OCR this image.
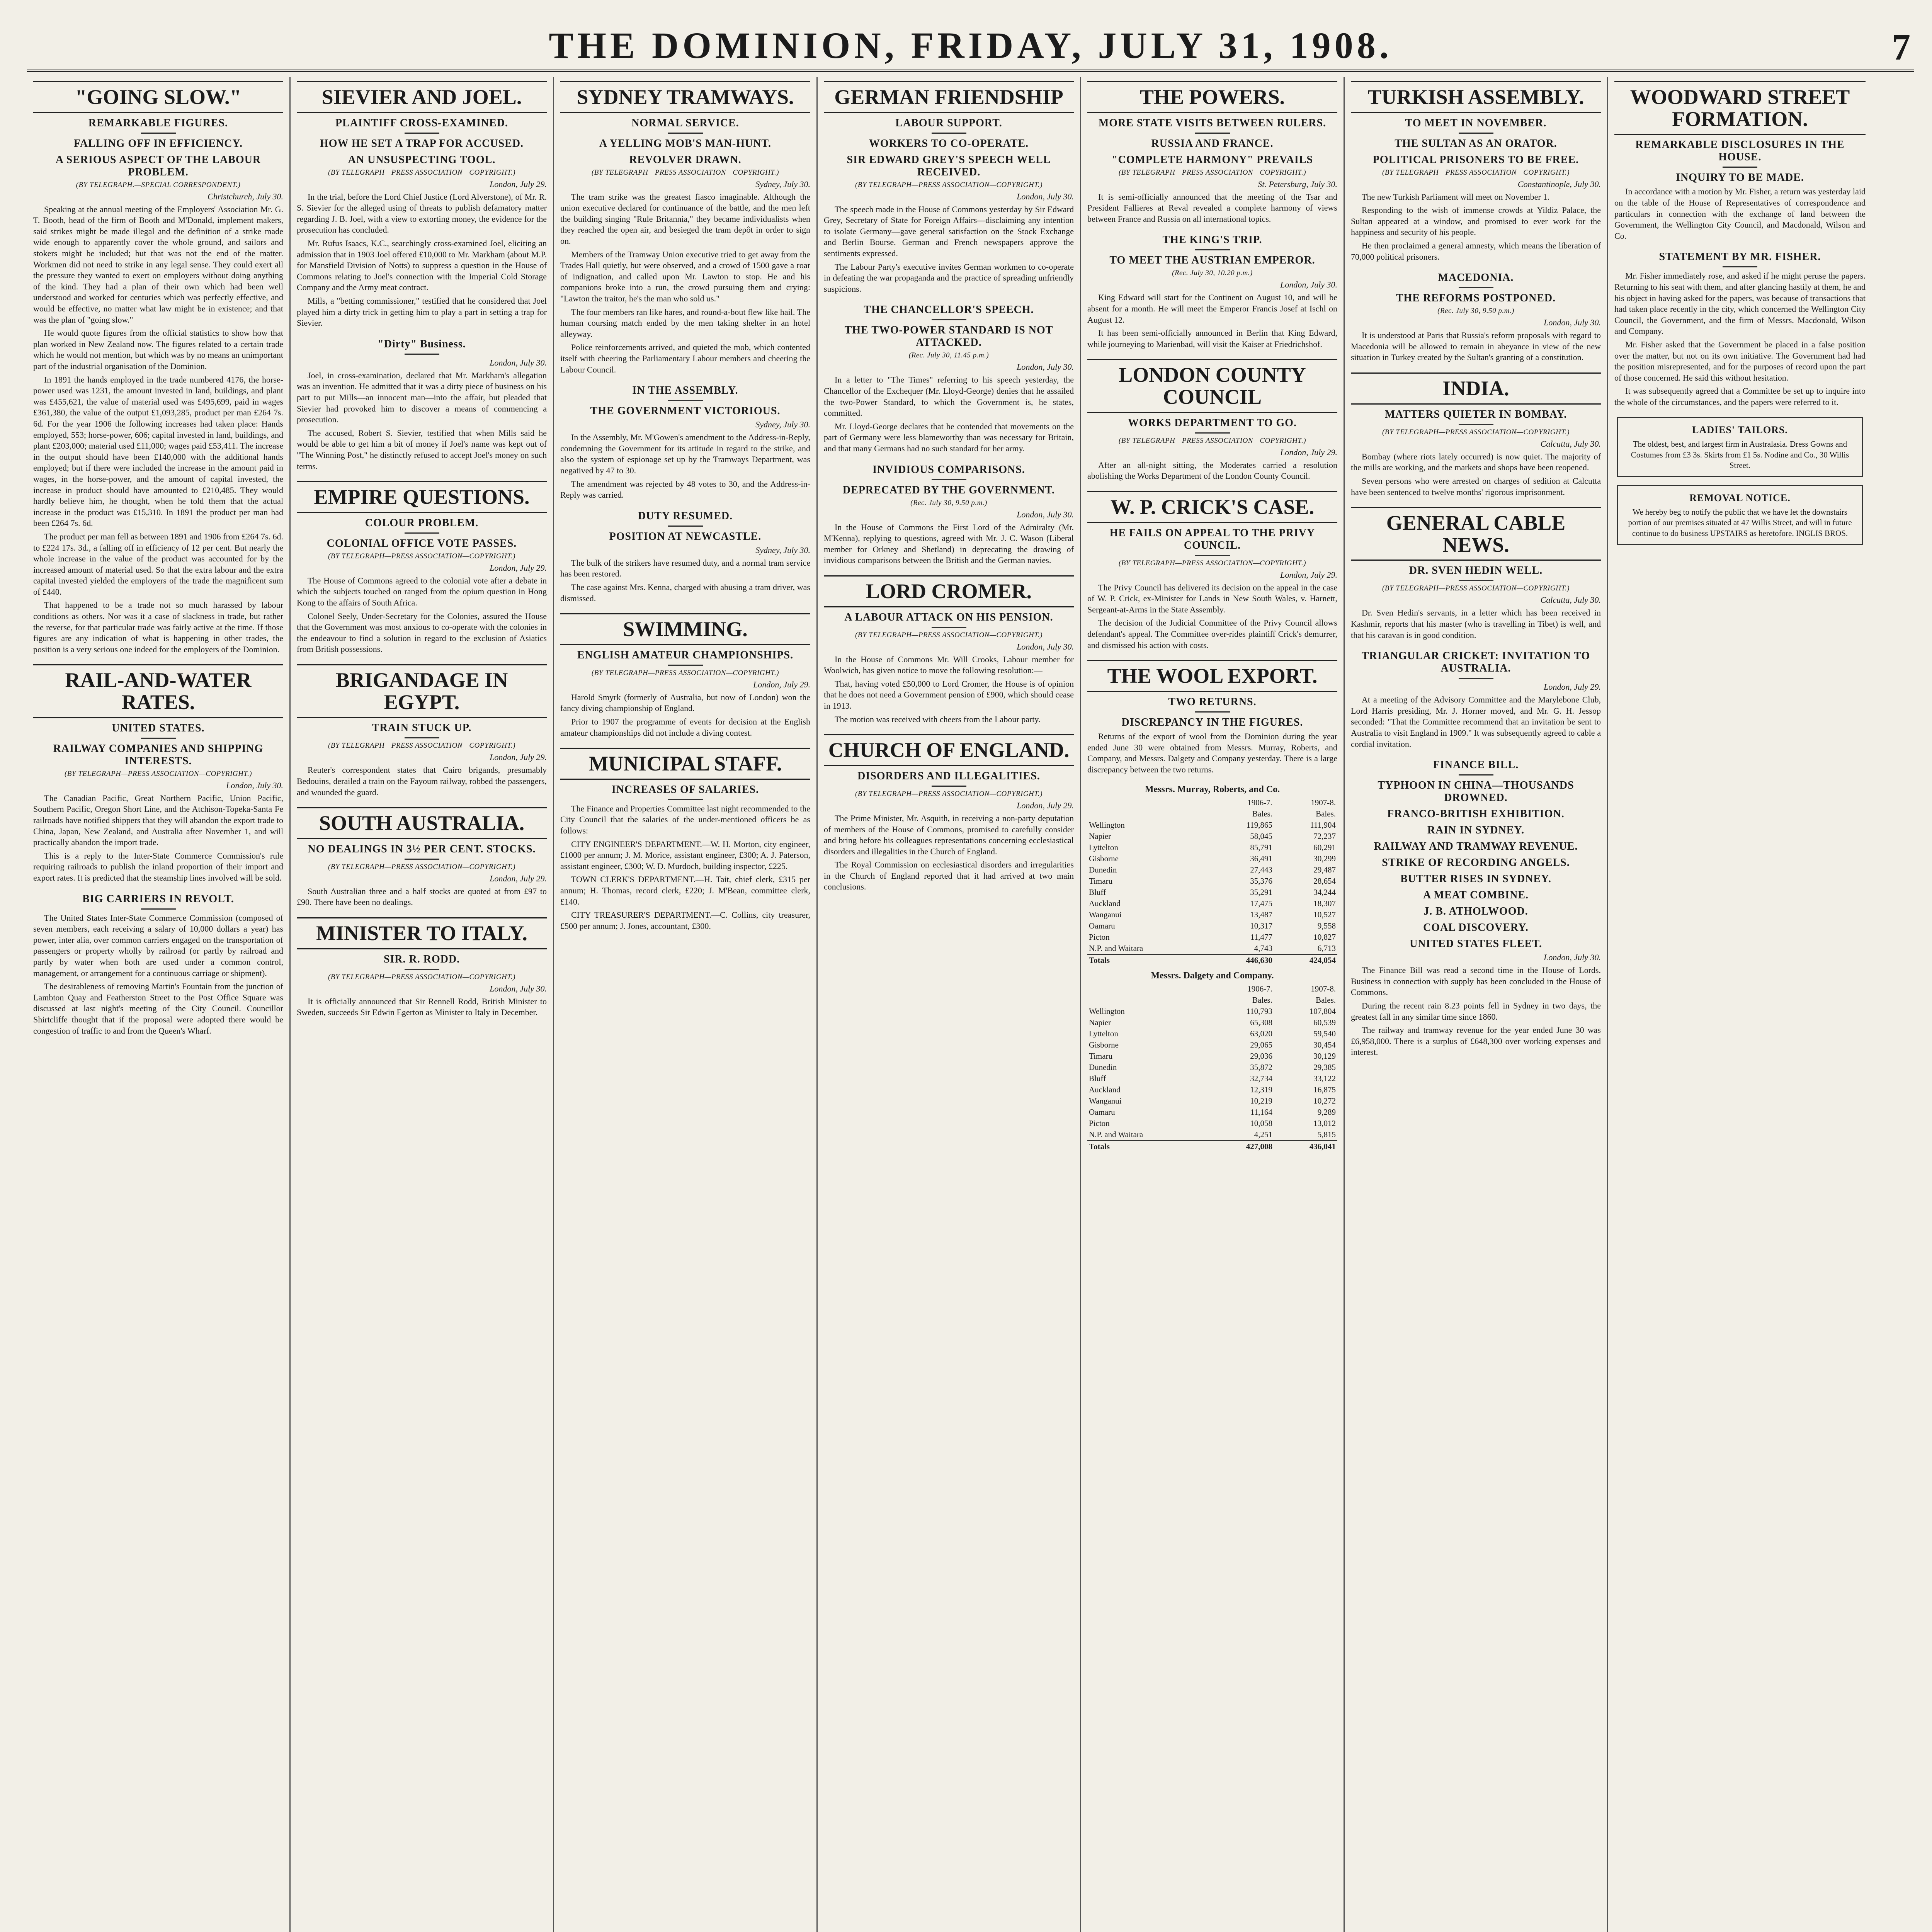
THE DOMINION, FRIDAY, JULY 31, 1908.	7
"GOING SLOW."
REMARKABLE FIGURES.
FALLING OFF IN EFFICIENCY.
A SERIOUS ASPECT OF THE LABOUR PROBLEM.
(BY TELEGRAPH.—SPECIAL CORRESPONDENT.)
Christchurch, July 30.

Speaking at the annual meeting of the Employers' Association Mr. G. T. Booth, head of the firm of Booth and M'Donald, implement makers, said strikes might be made illegal and the definition of a strike made wide enough to apparently cover the whole ground, and sailors and stokers might be included; but that was not the end of the matter. Workmen did not need to strike in any legal sense. They could exert all the pressure they wanted to exert on employers without doing anything of the kind. They had a plan of their own which had been well understood and worked for centuries which was perfectly effective, and would be effective, no matter what law might be in existence; and that was the plan of "going slow."

He would quote figures from the official statistics to show how that plan worked in New Zealand now. The figures related to a certain trade which he would not mention, but which was by no means an unimportant part of the industrial organisation of the Dominion.

In 1891 the hands employed in the trade numbered 4176, the horse-power used was 1231, the amount invested in land, buildings, and plant was £455,621, the value of material used was £495,699, paid in wages £361,380, the value of the output £1,093,285, product per man £264 7s. 6d. For the year 1906 the following increases had taken place: Hands employed, 553; horse-power, 606; capital invested in land, buildings, and plant £203,000; material used £11,000; wages paid £53,411. The increase in the output should have been £140,000 with the additional hands employed; but if there were included the increase in the amount paid in wages, in the horse-power, and the amount of capital invested, the increase in product should have amounted to £210,485. They would hardly believe him, he thought, when he told them that the actual increase in the product was £15,310. In 1891 the product per man had been £264 7s. 6d.

The product per man fell as between 1891 and 1906 from £264 7s. 6d. to £224 17s. 3d., a falling off in efficiency of 12 per cent. But nearly the whole increase in the value of the product was accounted for by the increased amount of material used. So that the extra labour and the extra capital invested yielded the employers of the trade the magnificent sum of £440.

That happened to be a trade not so much harassed by labour conditions as others. Nor was it a case of slackness in trade, but rather the reverse, for that particular trade was fairly active at the time. If those figures are any indication of what is happening in other trades, the position is a very serious one indeed for the employers of the Dominion.

RAIL-AND-WATER RATES.
UNITED STATES.
RAILWAY COMPANIES AND SHIPPING INTERESTS.
(BY TELEGRAPH—PRESS ASSOCIATION—COPYRIGHT.)
London, July 30.

The Canadian Pacific, Great Northern Pacific, Union Pacific, Southern Pacific, Oregon Short Line, and the Atchison-Topeka-Santa Fe railroads have notified shippers that they will abandon the export trade to China, Japan, New Zealand, and Australia after November 1, and will practically abandon the import trade.

This is a reply to the Inter-State Commerce Commission's rule requiring railroads to publish the inland proportion of their import and export rates. It is predicted that the steamship lines involved will be sold.

BIG CARRIERS IN REVOLT.

The United States Inter-State Commerce Commission (composed of seven members, each receiving a salary of 10,000 dollars a year) has power, inter alia, over common carriers engaged on the transportation of passengers or property wholly by railroad (or partly by railroad and partly by water when both are used under a common control, management, or arrangement for a continuous carriage or shipment).

The desirableness of removing Martin's Fountain from the junction of Lambton Quay and Featherston Street to the Post Office Square was discussed at last night's meeting of the City Council. Councillor Shirtcliffe thought that if the proposal were adopted there would be congestion of traffic to and from the Queen's Wharf.

SIEVIER AND JOEL.
PLAINTIFF CROSS-EXAMINED.
HOW HE SET A TRAP FOR ACCUSED.
AN UNSUSPECTING TOOL.
(BY TELEGRAPH—PRESS ASSOCIATION—COPYRIGHT.)
London, July 29.

In the trial, before the Lord Chief Justice (Lord Alverstone), of Mr. R. S. Sievier for the alleged using of threats to publish defamatory matter regarding J. B. Joel, with a view to extorting money, the evidence for the prosecution has concluded.

Mr. Rufus Isaacs, K.C., searchingly cross-examined Joel, eliciting an admission that in 1903 Joel offered £10,000 to Mr. Markham (about M.P. for Mansfield Division of Notts) to suppress a question in the House of Commons relating to Joel's connection with the Imperial Cold Storage Company and the Army meat contract.

Mills, a "betting commissioner," testified that he considered that Joel played him a dirty trick in getting him to play a part in setting a trap for Sievier.

"Dirty" Business.
London, July 30.

Joel, in cross-examination, declared that Mr. Markham's allegation was an invention. He admitted that it was a dirty piece of business on his part to put Mills—an innocent man—into the affair, but pleaded that Sievier had provoked him to discover a means of commencing a prosecution.

The accused, Robert S. Sievier, testified that when Mills said he would be able to get him a bit of money if Joel's name was kept out of "The Winning Post," he distinctly refused to accept Joel's money on such terms.

EMPIRE QUESTIONS.
COLOUR PROBLEM.
COLONIAL OFFICE VOTE PASSES.
(BY TELEGRAPH—PRESS ASSOCIATION—COPYRIGHT.)
London, July 29.

The House of Commons agreed to the colonial vote after a debate in which the subjects touched on ranged from the opium question in Hong Kong to the affairs of South Africa.

Colonel Seely, Under-Secretary for the Colonies, assured the House that the Government was most anxious to co-operate with the colonies in the endeavour to find a solution in regard to the exclusion of Asiatics from British possessions.

BRIGANDAGE IN EGYPT.
TRAIN STUCK UP.
(BY TELEGRAPH—PRESS ASSOCIATION—COPYRIGHT.)
London, July 29.

Reuter's correspondent states that Cairo brigands, presumably Bedouins, derailed a train on the Fayoum railway, robbed the passengers, and wounded the guard.

SOUTH AUSTRALIA.
NO DEALINGS IN 3½ PER CENT. STOCKS.
(BY TELEGRAPH—PRESS ASSOCIATION—COPYRIGHT.)
London, July 29.

South Australian three and a half stocks are quoted at from £97 to £90. There have been no dealings.

MINISTER TO ITALY.
SIR. R. RODD.
(BY TELEGRAPH—PRESS ASSOCIATION—COPYRIGHT.)
London, July 30.

It is officially announced that Sir Rennell Rodd, British Minister to Sweden, succeeds Sir Edwin Egerton as Minister to Italy in December.

SYDNEY TRAMWAYS.
NORMAL SERVICE.
A YELLING MOB'S MAN-HUNT.
REVOLVER DRAWN.
(BY TELEGRAPH—PRESS ASSOCIATION—COPYRIGHT.)
Sydney, July 30.

The tram strike was the greatest fiasco imaginable. Although the union executive declared for continuance of the battle, and the men left the building singing "Rule Britannia," they became individualists when they reached the open air, and besieged the tram depôt in order to sign on.

Members of the Tramway Union executive tried to get away from the Trades Hall quietly, but were observed, and a crowd of 1500 gave a roar of indignation, and called upon Mr. Lawton to stop. He and his companions broke into a run, the crowd pursuing them and crying: "Lawton the traitor, he's the man who sold us."

The four members ran like hares, and round-a-bout flew like hail. The human coursing match ended by the men taking shelter in an hotel alleyway.

Police reinforcements arrived, and quieted the mob, which contented itself with cheering the Parliamentary Labour members and cheering the Labour Council.

IN THE ASSEMBLY.
THE GOVERNMENT VICTORIOUS.
Sydney, July 30.

In the Assembly, Mr. M'Gowen's amendment to the Address-in-Reply, condemning the Government for its attitude in regard to the strike, and also the system of espionage set up by the Tramways Department, was negatived by 47 to 30.

The amendment was rejected by 48 votes to 30, and the Address-in-Reply was carried.

DUTY RESUMED.
POSITION AT NEWCASTLE.
Sydney, July 30.

The bulk of the strikers have resumed duty, and a normal tram service has been restored.

The case against Mrs. Kenna, charged with abusing a tram driver, was dismissed.

SWIMMING.
ENGLISH AMATEUR CHAMPIONSHIPS.
(BY TELEGRAPH—PRESS ASSOCIATION—COPYRIGHT.)
London, July 29.

Harold Smyrk (formerly of Australia, but now of London) won the fancy diving championship of England.

Prior to 1907 the programme of events for decision at the English amateur championships did not include a diving contest.

MUNICIPAL STAFF.
INCREASES OF SALARIES.

The Finance and Properties Committee last night recommended to the City Council that the salaries of the under-mentioned officers be as follows:

CITY ENGINEER'S DEPARTMENT.—W. H. Morton, city engineer, £1000 per annum; J. M. Morice, assistant engineer, £300; A. J. Paterson, assistant engineer, £300; W. D. Murdoch, building inspector, £225.

TOWN CLERK'S DEPARTMENT.—H. Tait, chief clerk, £315 per annum; H. Thomas, record clerk, £220; J. M'Bean, committee clerk, £140.

CITY TREASURER'S DEPARTMENT.—C. Collins, city treasurer, £500 per annum; J. Jones, accountant, £300.

GERMAN FRIENDSHIP
LABOUR SUPPORT.
WORKERS TO CO-OPERATE.
SIR EDWARD GREY'S SPEECH WELL RECEIVED.
(BY TELEGRAPH—PRESS ASSOCIATION—COPYRIGHT.)
London, July 30.

The speech made in the House of Commons yesterday by Sir Edward Grey, Secretary of State for Foreign Affairs—disclaiming any intention to isolate Germany—gave general satisfaction on the Stock Exchange and Berlin Bourse. German and French newspapers approve the sentiments expressed.

The Labour Party's executive invites German workmen to co-operate in defeating the war propaganda and the practice of spreading unfriendly suspicions.

THE CHANCELLOR'S SPEECH.
THE TWO-POWER STANDARD IS NOT ATTACKED.
(Rec. July 30, 11.45 p.m.)
London, July 30.

In a letter to "The Times" referring to his speech yesterday, the Chancellor of the Exchequer (Mr. Lloyd-George) denies that he assailed the two-Power Standard, to which the Government is, he states, committed.

Mr. Lloyd-George declares that he contended that movements on the part of Germany were less blameworthy than was necessary for Britain, and that many Germans had no such standard for her army.

INVIDIOUS COMPARISONS.
DEPRECATED BY THE GOVERNMENT.
(Rec. July 30, 9.50 p.m.)
London, July 30.

In the House of Commons the First Lord of the Admiralty (Mr. M'Kenna), replying to questions, agreed with Mr. J. C. Wason (Liberal member for Orkney and Shetland) in deprecating the drawing of invidious comparisons between the British and the German navies.

LORD CROMER.
A LABOUR ATTACK ON HIS PENSION.
(BY TELEGRAPH—PRESS ASSOCIATION—COPYRIGHT.)
London, July 30.

In the House of Commons Mr. Will Crooks, Labour member for Woolwich, has given notice to move the following resolution:—

That, having voted £50,000 to Lord Cromer, the House is of opinion that he does not need a Government pension of £900, which should cease in 1913.

The motion was received with cheers from the Labour party.

CHURCH OF ENGLAND.
DISORDERS AND ILLEGALITIES.
(BY TELEGRAPH—PRESS ASSOCIATION—COPYRIGHT.)
London, July 29.

The Prime Minister, Mr. Asquith, in receiving a non-party deputation of members of the House of Commons, promised to carefully consider and bring before his colleagues representations concerning ecclesiastical disorders and illegalities in the Church of England.

The Royal Commission on ecclesiastical disorders and irregularities in the Church of England reported that it had arrived at two main conclusions.

THE POWERS.
MORE STATE VISITS BETWEEN RULERS.
RUSSIA AND FRANCE.
"COMPLETE HARMONY" PREVAILS
(BY TELEGRAPH—PRESS ASSOCIATION—COPYRIGHT.)
St. Petersburg, July 30.

It is semi-officially announced that the meeting of the Tsar and President Fallieres at Reval revealed a complete harmony of views between France and Russia on all international topics.

THE KING'S TRIP.
TO MEET THE AUSTRIAN EMPEROR.
(Rec. July 30, 10.20 p.m.)
London, July 30.

King Edward will start for the Continent on August 10, and will be absent for a month. He will meet the Emperor Francis Josef at Ischl on August 12.

It has been semi-officially announced in Berlin that King Edward, while journeying to Marienbad, will visit the Kaiser at Friedrichshof.

LONDON COUNTY COUNCIL
WORKS DEPARTMENT TO GO.
(BY TELEGRAPH—PRESS ASSOCIATION—COPYRIGHT.)
London, July 29.

After an all-night sitting, the Moderates carried a resolution abolishing the Works Department of the London County Council.

W. P. CRICK'S CASE.
HE FAILS ON APPEAL TO THE PRIVY COUNCIL.
(BY TELEGRAPH—PRESS ASSOCIATION—COPYRIGHT.)
London, July 29.

The Privy Council has delivered its decision on the appeal in the case of W. P. Crick, ex-Minister for Lands in New South Wales, v. Harnett, Sergeant-at-Arms in the State Assembly.

The decision of the Judicial Committee of the Privy Council allows defendant's appeal. The Committee over-rides plaintiff Crick's demurrer, and dismissed his action with costs.

THE WOOL EXPORT.
TWO RETURNS.
DISCREPANCY IN THE FIGURES.

Returns of the export of wool from the Dominion during the year ended June 30 were obtained from Messrs. Murray, Roberts, and Company, and Messrs. Dalgety and Company yesterday. There is a large discrepancy between the two returns.

Messrs. Murray, Roberts, and Co.
	1906-7.	1907-8.
	Bales.	Bales.
Wellington	119,865	111,904
Napier	58,045	72,237
Lyttelton	85,791	60,291
Gisborne	36,491	30,299
Dunedin	27,443	29,487
Timaru	35,376	28,654
Bluff	35,291	34,244
Auckland	17,475	18,307
Wanganui	13,487	10,527
Oamaru	10,317	9,558
Picton	11,477	10,827
N.P. and Waitara	4,743	6,713
Totals	446,630	424,054
Messrs. Dalgety and Company.
	1906-7.	1907-8.
	Bales.	Bales.
Wellington	110,793	107,804
Napier	65,308	60,539
Lyttelton	63,020	59,540
Gisborne	29,065	30,454
Timaru	29,036	30,129
Dunedin	35,872	29,385
Bluff	32,734	33,122
Auckland	12,319	16,875
Wanganui	10,219	10,272
Oamaru	11,164	9,289
Picton	10,058	13,012
N.P. and Waitara	4,251	5,815
Totals	427,008	436,041
TURKISH ASSEMBLY.
TO MEET IN NOVEMBER.
THE SULTAN AS AN ORATOR.
POLITICAL PRISONERS TO BE FREE.
(BY TELEGRAPH—PRESS ASSOCIATION—COPYRIGHT.)
Constantinople, July 30.

The new Turkish Parliament will meet on November 1.

Responding to the wish of immense crowds at Yildiz Palace, the Sultan appeared at a window, and promised to ever work for the happiness and security of his people.

He then proclaimed a general amnesty, which means the liberation of 70,000 political prisoners.

MACEDONIA.
THE REFORMS POSTPONED.
(Rec. July 30, 9.50 p.m.)
London, July 30.

It is understood at Paris that Russia's reform proposals with regard to Macedonia will be allowed to remain in abeyance in view of the new situation in Turkey created by the Sultan's granting of a constitution.

INDIA.
MATTERS QUIETER IN BOMBAY.
(BY TELEGRAPH—PRESS ASSOCIATION—COPYRIGHT.)
Calcutta, July 30.

Bombay (where riots lately occurred) is now quiet. The majority of the mills are working, and the markets and shops have been reopened.

Seven persons who were arrested on charges of sedition at Calcutta have been sentenced to twelve months' rigorous imprisonment.

GENERAL CABLE NEWS.
DR. SVEN HEDIN WELL.
(BY TELEGRAPH—PRESS ASSOCIATION—COPYRIGHT.)
Calcutta, July 30.

Dr. Sven Hedin's servants, in a letter which has been received in Kashmir, reports that his master (who is travelling in Tibet) is well, and that his caravan is in good condition.

TRIANGULAR CRICKET: INVITATION TO AUSTRALIA.
London, July 29.

At a meeting of the Advisory Committee and the Marylebone Club, Lord Harris presiding, Mr. J. Horner moved, and Mr. G. H. Jessop seconded: "That the Committee recommend that an invitation be sent to Australia to visit England in 1909." It was subsequently agreed to cable a cordial invitation.

FINANCE BILL.
TYPHOON IN CHINA—THOUSANDS DROWNED.
FRANCO-BRITISH EXHIBITION.
RAIN IN SYDNEY.
RAILWAY AND TRAMWAY REVENUE.
STRIKE OF RECORDING ANGELS.
BUTTER RISES IN SYDNEY.
A MEAT COMBINE.
J. B. ATHOLWOOD.
COAL DISCOVERY.
UNITED STATES FLEET.
London, July 30.

The Finance Bill was read a second time in the House of Lords. Business in connection with supply has been concluded in the House of Commons.

During the recent rain 8.23 points fell in Sydney in two days, the greatest fall in any similar time since 1860.

The railway and tramway revenue for the year ended June 30 was £6,958,000. There is a surplus of £648,300 over working expenses and interest.

WOODWARD STREET FORMATION.
REMARKABLE DISCLOSURES IN THE HOUSE.
INQUIRY TO BE MADE.

In accordance with a motion by Mr. Fisher, a return was yesterday laid on the table of the House of Representatives of correspondence and particulars in connection with the exchange of land between the Government, the Wellington City Council, and Macdonald, Wilson and Co.

STATEMENT BY MR. FISHER.

Mr. Fisher immediately rose, and asked if he might peruse the papers. Returning to his seat with them, and after glancing hastily at them, he and his object in having asked for the papers, was because of transactions that had taken place recently in the city, which concerned the Wellington City Council, the Government, and the firm of Messrs. Macdonald, Wilson and Company.

Mr. Fisher asked that the Government be placed in a false position over the matter, but not on its own initiative. The Government had had the position misrepresented, and for the purposes of record upon the part of those concerned. He said this without hesitation.

It was subsequently agreed that a Committee be set up to inquire into the whole of the circumstances, and the papers were referred to it.

LADIES' TAILORS.
The oldest, best, and largest firm in Australasia. Dress Gowns and Costumes from £3 3s. Skirts from £1 5s. Nodine and Co., 30 Willis Street.
REMOVAL NOTICE.
We hereby beg to notify the public that we have let the downstairs portion of our premises situated at 47 Willis Street, and will in future continue to do business UPSTAIRS as heretofore. INGLIS BROS.
